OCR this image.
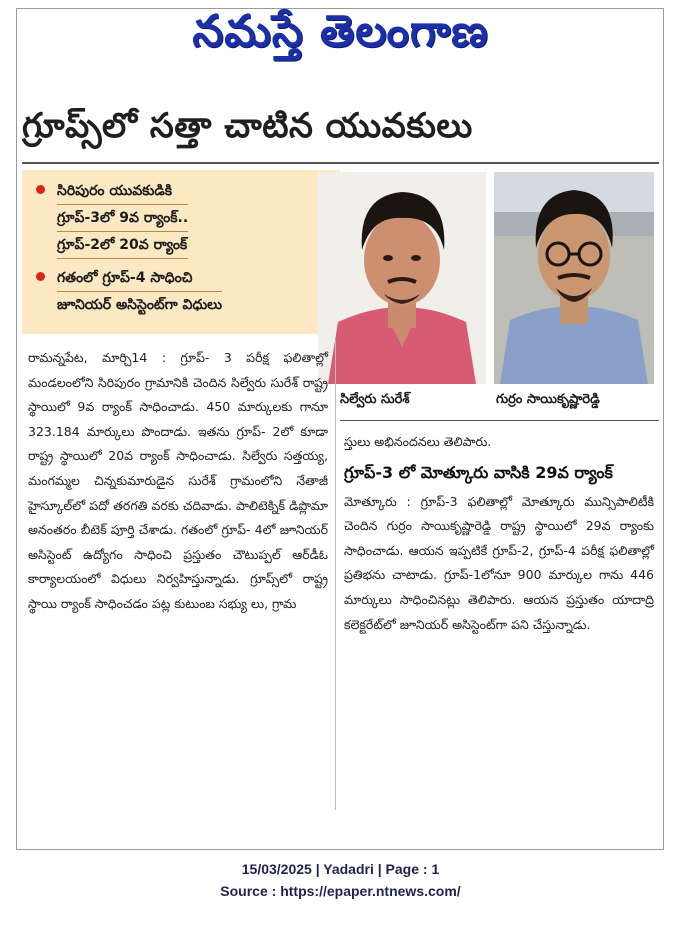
నమస్తే తెలంగాణ
గ్రూప్స్‌లో సత్తా చాటిన యువకులు
సిరిపురం యువకుడికి
గ్రూప్-3లో 9వ ర్యాంక్..
గ్రూప్-2లో 20వ ర్యాంక్
గతంలో గ్రూప్-4 సాధించి
జూనియర్ అసిస్టెంట్‌గా విధులు
సిల్వేరు సురేశ్	గుర్రం సాయికృష్ణారెడ్డి

రామన్నపేట, మార్చి14 : గ్రూప్- 3 పరీక్ష ఫలితాల్లో మండలంలోని సిరిపురం గ్రామానికి చెందిన సిల్వేరు సురేశ్ రాష్ట్ర స్థాయిలో 9వ ర్యాంక్ సాధించాడు. 450 మార్కులకు గానూ 323.184 మార్కులు పొందాడు. ఇతను గ్రూప్‌- 2లో కూడా రాష్ట్ర స్థాయిలో 20వ ర్యాంక్ సాధించాడు. సిల్వేరు సత్తయ్య, మంగమ్మల చిన్నకుమారుడైన సురేశ్ గ్రామంలోని నేతాజీ హైస్కూల్‌లో పదో తరగతి వరకు చదివాడు. పాలిటెక్నిక్ డిప్లొమా అనంతరం బీటెక్ పూర్తి చేశాడు. గతంలో గ్రూప్- 4లో జూనియర్ అసిస్టెంట్ ఉద్యోగం సాధించి ప్రస్తుతం చౌటుప్పల్ ఆర్‌డీఓ కార్యాలయంలో విధులు నిర్వహిస్తున్నాడు. గ్రూప్స్‌లో రాష్ట్ర స్థాయి ర్యాంక్ సాధించడం పట్ల కుటుంబ సభ్యు లు, గ్రామ

స్తులు అభినందనలు తెలిపారు.

గ్రూప్-3 లో మోత్కూరు వాసికి 29వ ర్యాంక్

మోత్కూరు : గ్రూప్-3 ఫలితాల్లో మోత్కూరు మున్సిపాలిటీకి చెందిన గుర్రం సాయికృష్ణారెడ్డి రాష్ట్ర స్థాయిలో 29వ ర్యాంకు సాధించాడు. ఆయన ఇప్పటికే గ్రూప్-2, గ్రూప్-4 పరీక్ష ఫలితాల్లో ప్రతిభను చాటాడు. గ్రూప్-1లోనూ 900 మార్కుల గాను 446 మార్కులు సాధించినట్లు తెలిపారు. ఆయన ప్రస్తుతం యాదాద్రి కలెక్టరేట్‌లో జూనియర్ అసిస్టెంట్‌గా పని చేస్తున్నాడు.

15/03/2025 | Yadadri | Page : 1
Source : https://epaper.ntnews.com/
